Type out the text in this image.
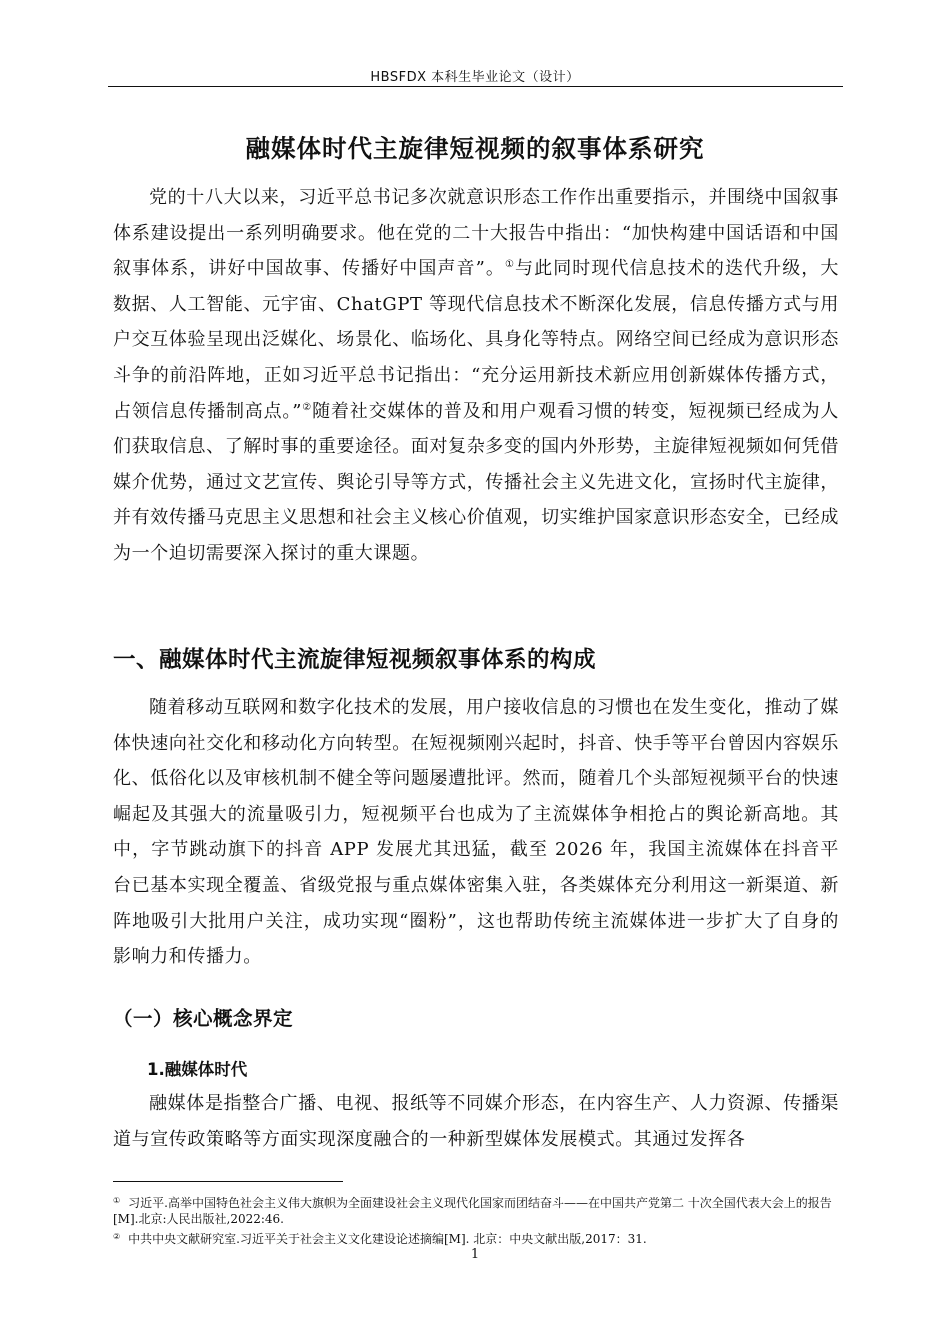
HBSFDX 本科生毕业论文（设计）
融媒体时代主旋律短视频的叙事体系研究

党的十八大以来，习近平总书记多次就意识形态工作作出重要指示，并围绕中国叙事体系建设提出一系列明确要求。他在党的二十大报告中指出：“加快构建中国话语和中国叙事体系，讲好中国故事、传播好中国声音”。①与此同时现代信息技术的迭代升级，大数据、人工智能、元宇宙、ChatGPT 等现代信息技术不断深化发展，信息传播方式与用户交互体验呈现出泛媒化、场景化、临场化、具身化等特点。网络空间已经成为意识形态斗争的前沿阵地，正如习近平总书记指出：“充分运用新技术新应用创新媒体传播方式，占领信息传播制高点。”②随着社交媒体的普及和用户观看习惯的转变，短视频已经成为人们获取信息、了解时事的重要途径。面对复杂多变的国内外形势，主旋律短视频如何凭借媒介优势，通过文艺宣传、舆论引导等方式，传播社会主义先进文化，宣扬时代主旋律，并有效传播马克思主义思想和社会主义核心价值观，切实维护国家意识形态安全，已经成为一个迫切需要深入探讨的重大课题。

一、融媒体时代主流旋律短视频叙事体系的构成

随着移动互联网和数字化技术的发展，用户接收信息的习惯也在发生变化，推动了媒体快速向社交化和移动化方向转型。在短视频刚兴起时，抖音、快手等平台曾因内容娱乐化、低俗化以及审核机制不健全等问题屡遭批评。然而，随着几个头部短视频平台的快速崛起及其强大的流量吸引力，短视频平台也成为了主流媒体争相抢占的舆论新高地。其中，字节跳动旗下的抖音 APP 发展尤其迅猛，截至 2026 年，我国主流媒体在抖音平台已基本实现全覆盖、省级党报与重点媒体密集入驻，各类媒体充分利用这一新渠道、新阵地吸引大批用户关注，成功实现“圈粉”，这也帮助传统主流媒体进一步扩大了自身的影响力和传播力。

（一）核心概念界定
1.融媒体时代

融媒体是指整合广播、电视、报纸等不同媒介形态，在内容生产、人力资源、传播渠道与宣传政策略等方面实现深度融合的一种新型媒体发展模式。其通过发挥各

① 习近平.高举中国特色社会主义伟大旗帜为全面建设社会主义现代化国家而团结奋斗——在中国共产党第二 十次全国代表大会上的报告[M].北京:人民出版社,2022:46.

② 中共中央文献研究室.习近平关于社会主义文化建设论述摘编[M]. 北京：中央文献出版,2017：31.

1
